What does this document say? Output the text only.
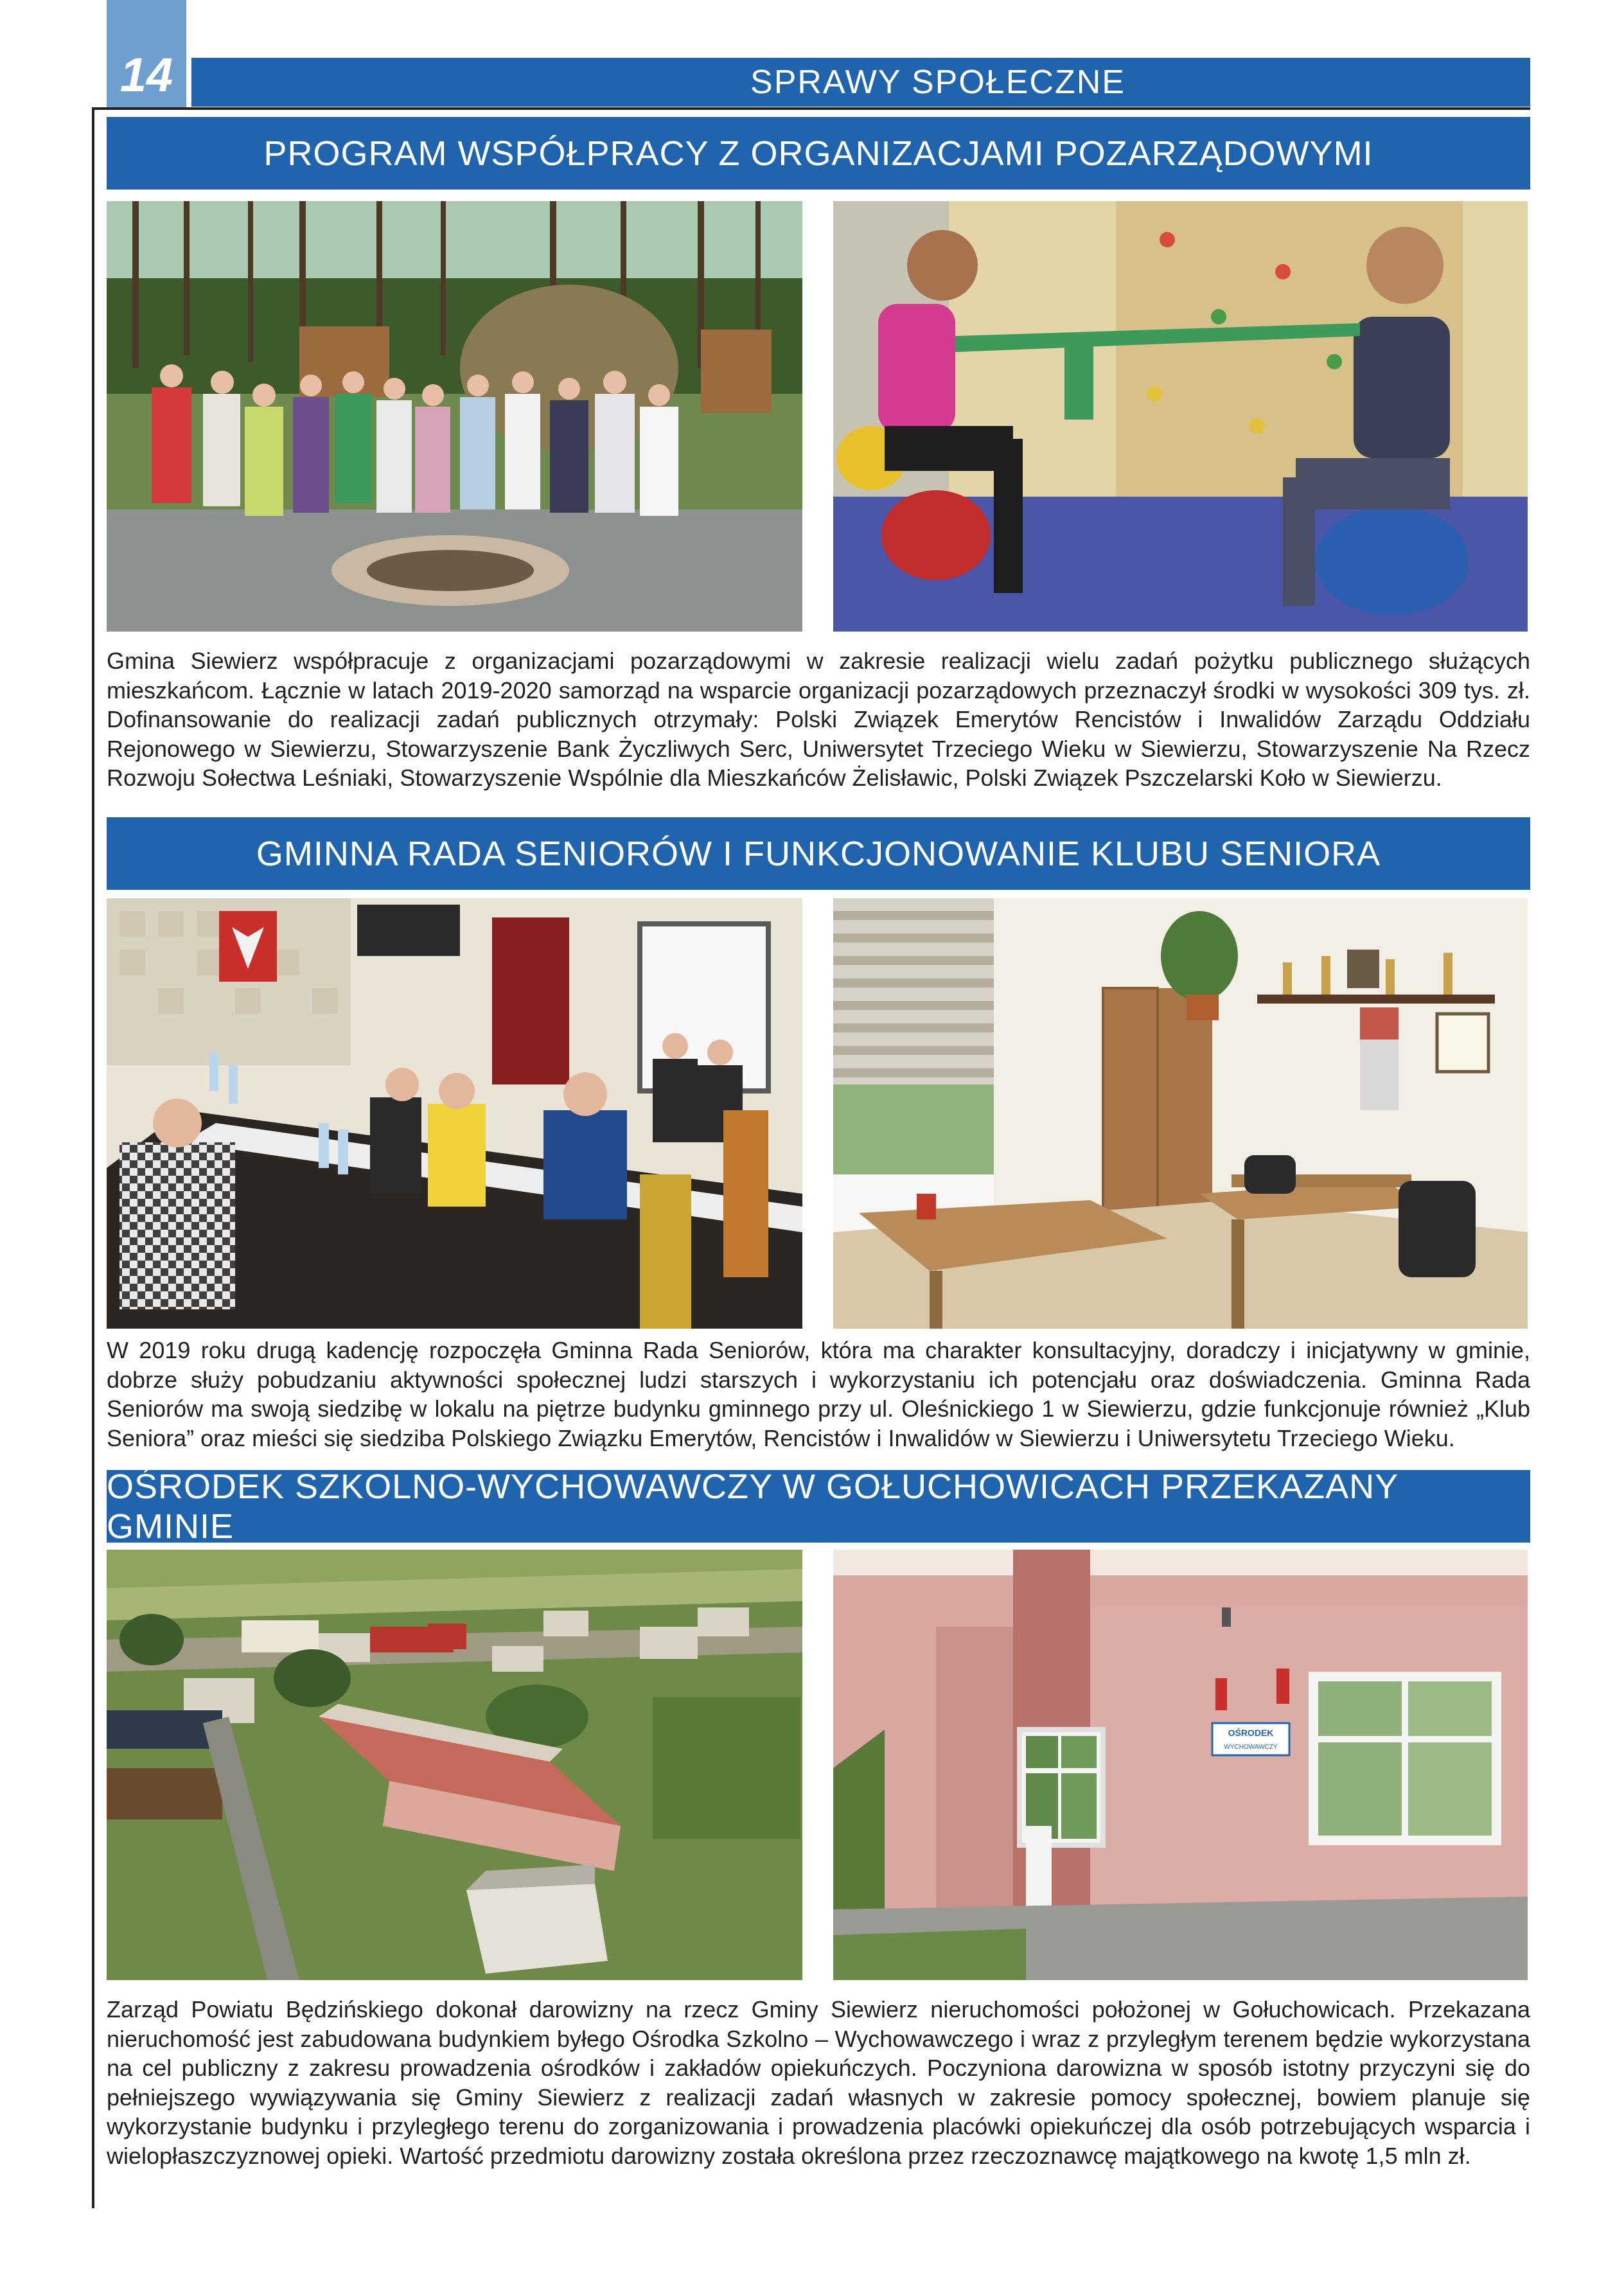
14	SPRAWY SPOŁECZNE
PROGRAM WSPÓŁPRACY Z ORGANIZACJAMI POZARZĄDOWYMI

Gmina Siewierz współpracuje z organizacjami pozarządowymi w zakresie realizacji wielu zadań pożytku publicznego służących mieszkańcom. Łącznie w latach 2019-2020 samorząd na wsparcie organizacji pozarządowych przeznaczył środki w wysokości 309 tys. zł. Dofinansowanie do realizacji zadań publicznych otrzymały: Polski Związek Emerytów Rencistów i Inwalidów Zarządu Oddziału Rejonowego w Siewierzu, Stowarzyszenie Bank Życzliwych Serc, Uniwersytet Trzeciego Wieku w Siewierzu, Stowarzyszenie Na Rzecz Rozwoju Sołectwa Leśniaki, Stowarzyszenie Wspólnie dla Mieszkańców Żelisławic, Polski Związek Pszczelarski Koło w Siewierzu.

GMINNA RADA SENIORÓW I FUNKCJONOWANIE KLUBU SENIORA

W 2019 roku drugą kadencję rozpoczęła Gminna Rada Seniorów, która ma charakter konsultacyjny, doradczy i inicjatywny w gminie, dobrze służy pobudzaniu aktywności społecznej ludzi starszych i wykorzystaniu ich potencjału oraz doświadczenia. Gminna Rada Seniorów ma swoją siedzibę w lokalu na piętrze budynku gminnego przy ul. Oleśnickiego 1 w Siewierzu, gdzie funkcjonuje również „Klub Seniora” oraz mieści się siedziba Polskiego Związku Emerytów, Rencistów i Inwalidów w Siewierzu i Uniwersytetu Trzeciego Wieku.

OŚRODEK SZKOLNO-WYCHOWAWCZY W GOŁUCHOWICACH PRZEKAZANY GMINIE
OŚRODEK
WYCHOWAWCZY

Zarząd Powiatu Będzińskiego dokonał darowizny na rzecz Gminy Siewierz nieruchomości położonej w Gołuchowicach. Przekazana nieruchomość jest zabudowana budynkiem byłego Ośrodka Szkolno – Wychowawczego i wraz z przyległym terenem będzie wykorzystana na cel publiczny z zakresu prowadzenia ośrodków i zakładów opiekuńczych. Poczyniona darowizna w sposób istotny przyczyni się do pełniejszego wywiązywania się Gminy Siewierz z realizacji zadań własnych w zakresie pomocy społecznej, bowiem planuje się wykorzystanie budynku i przyległego terenu do zorganizowania i prowadzenia placówki opiekuńczej dla osób potrzebujących wsparcia i wielopłaszczyznowej opieki. Wartość przedmiotu darowizny została określona przez rzeczoznawcę majątkowego na kwotę 1,5 mln zł.
